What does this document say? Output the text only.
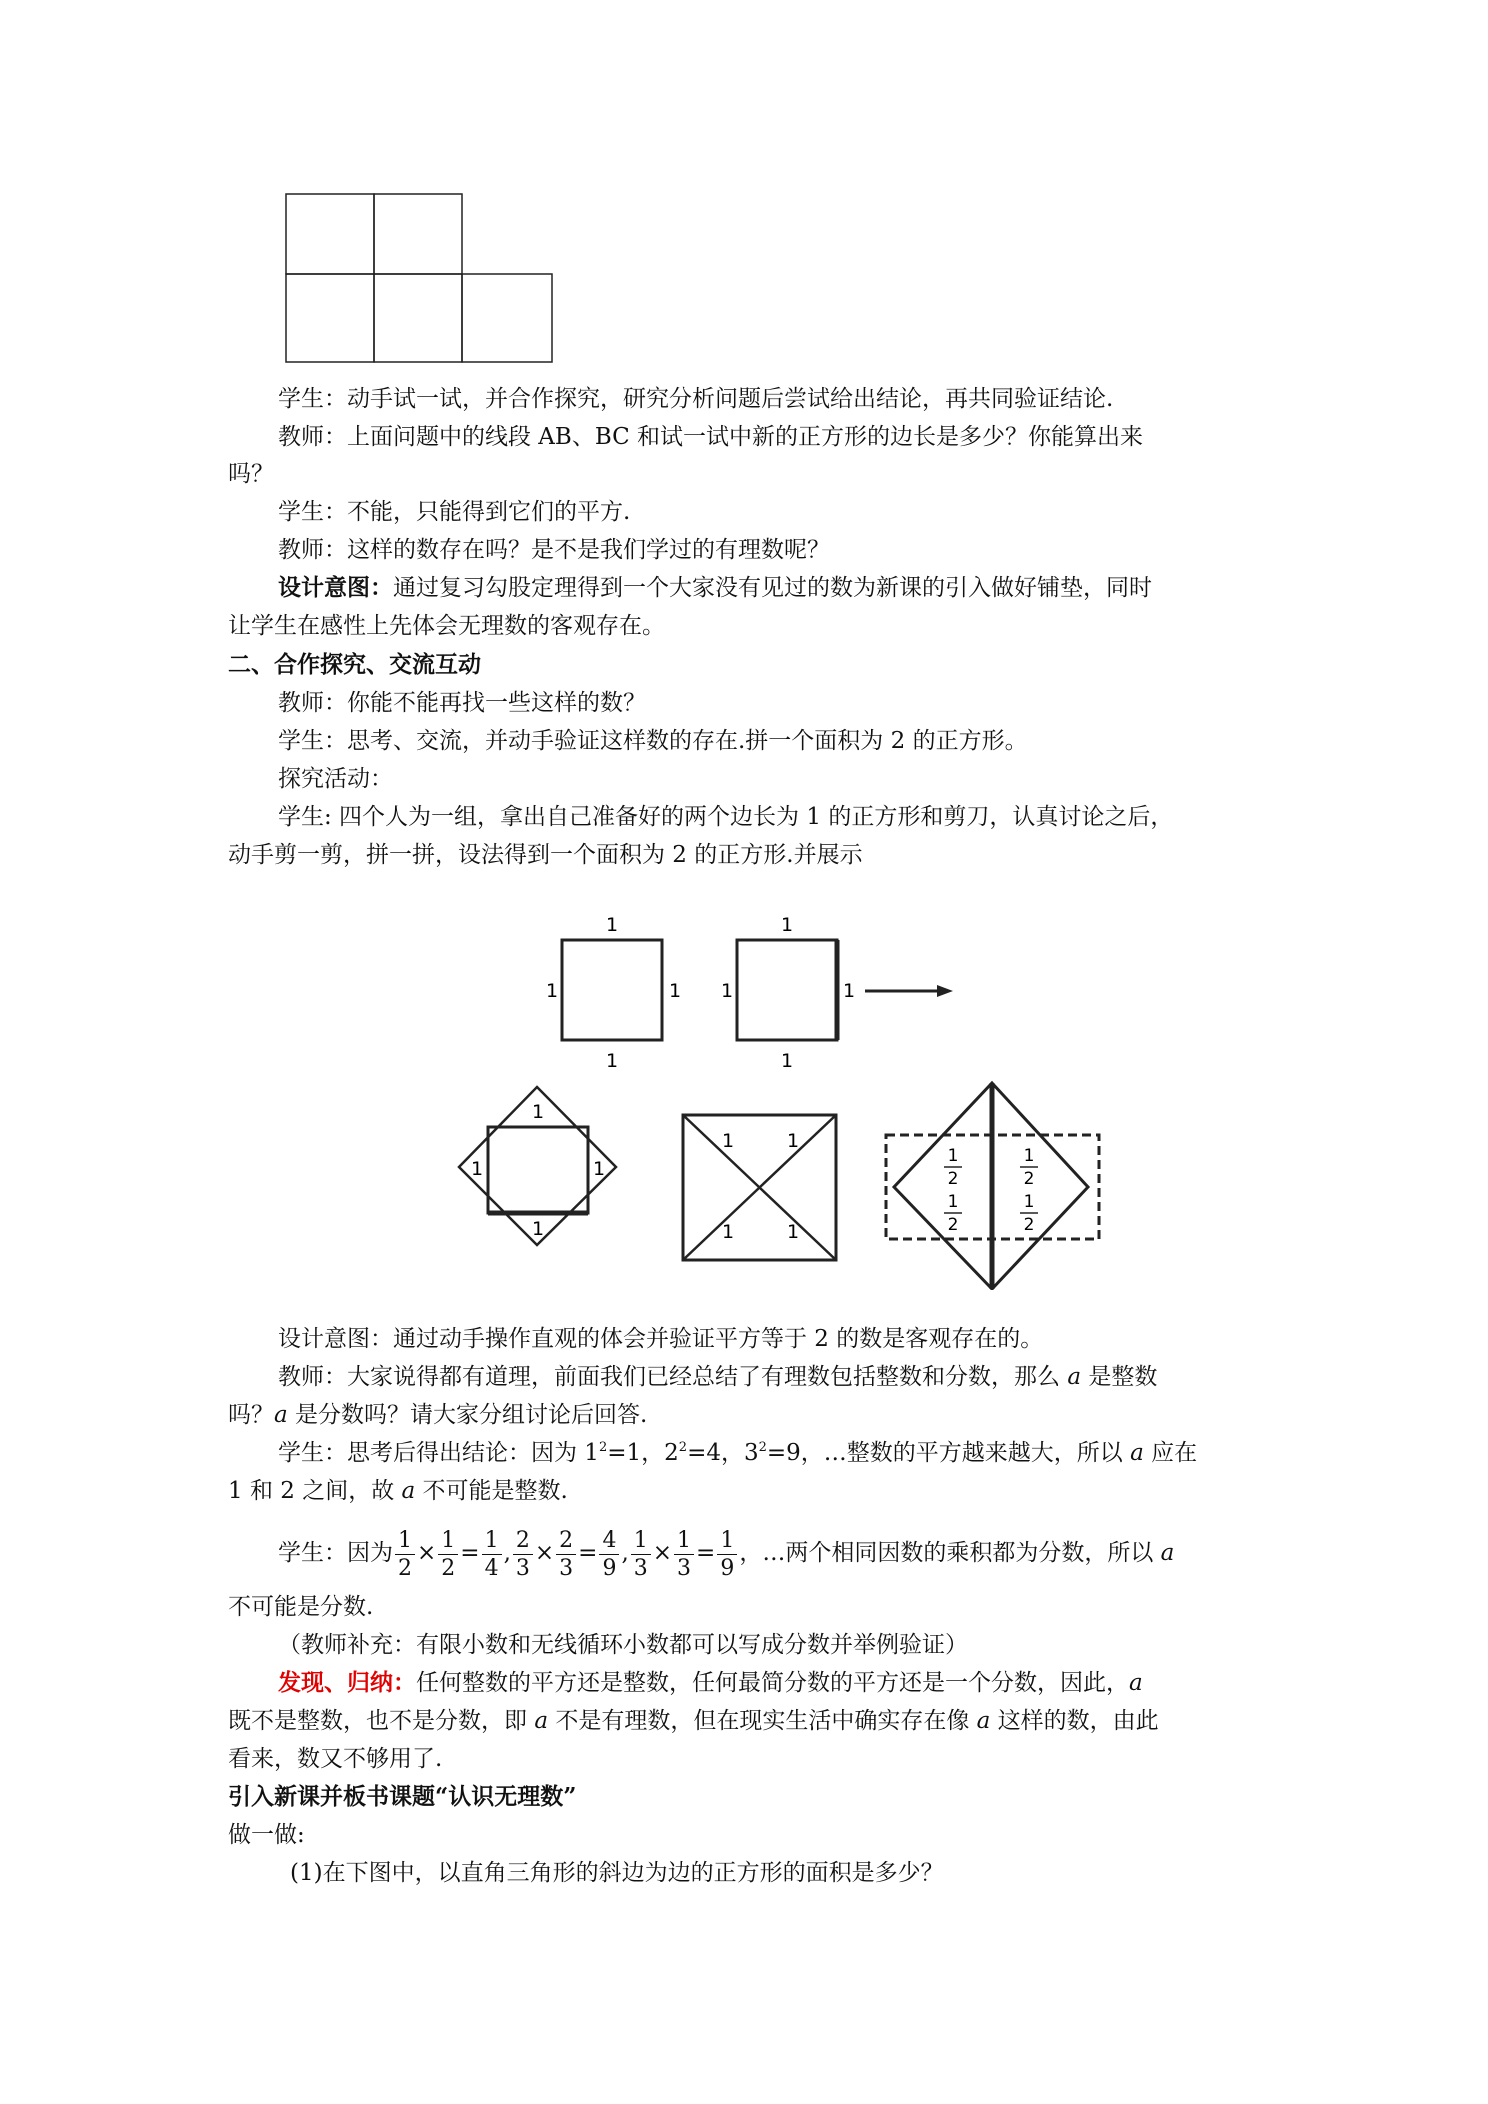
学生：动手试一试，并合作探究，研究分析问题后尝试给出结论，再共同验证结论.
教师：上面问题中的线段 AB、BC 和试一试中新的正方形的边长是多少？你能算出来
吗？
学生：不能，只能得到它们的平方.
教师：这样的数存在吗？是不是我们学过的有理数呢？
设计意图：通过复习勾股定理得到一个大家没有见过的数为新课的引入做好铺垫，同时
让学生在感性上先体会无理数的客观存在。
二、合作探究、交流互动
教师：你能不能再找一些这样的数？
学生：思考、交流，并动手验证这样数的存在.拼一个面积为 2 的正方形。
探究活动：
学生: 四个人为一组，拿出自己准备好的两个边长为 1 的正方形和剪刀，认真讨论之后，
动手剪一剪，拼一拼，设法得到一个面积为 2 的正方形.并展示
1
1
1	1
1
1
1	1
1
1
1	1
1	1
1	1
1
2
1
2
1
2
1
2
设计意图：通过动手操作直观的体会并验证平方等于 2 的数是客观存在的。
教师：大家说得都有道理，前面我们已经总结了有理数包括整数和分数，那么 a 是整数
吗？a 是分数吗？请大家分组讨论后回答.
学生：思考后得出结论：因为 $1^2=1$，$2^2=4$，$3^2=9$，…整数的平方越来越大，所以 a 应在
1 和 2 之间，故 a 不可能是整数.
学生：因为 $\frac{1}{2} \times \frac{1}{2} = \frac{1}{4}$ , $\frac{2}{3} \times \frac{2}{3} = \frac{4}{9}$ , $\frac{1}{3} \times \frac{1}{3} = \frac{1}{9}$ ，…两个相同因数的乘积都为分数，所以 a
不可能是分数.
（教师补充：有限小数和无线循环小数都可以写成分数并举例验证）
发现、归纳：任何整数的平方还是整数，任何最简分数的平方还是一个分数，因此，a
既不是整数，也不是分数，即 a 不是有理数，但在现实生活中确实存在像 a 这样的数，由此
看来，数又不够用了.
引入新课并板书课题“认识无理数”
做一做:
(1)在下图中，以直角三角形的斜边为边的正方形的面积是多少？
